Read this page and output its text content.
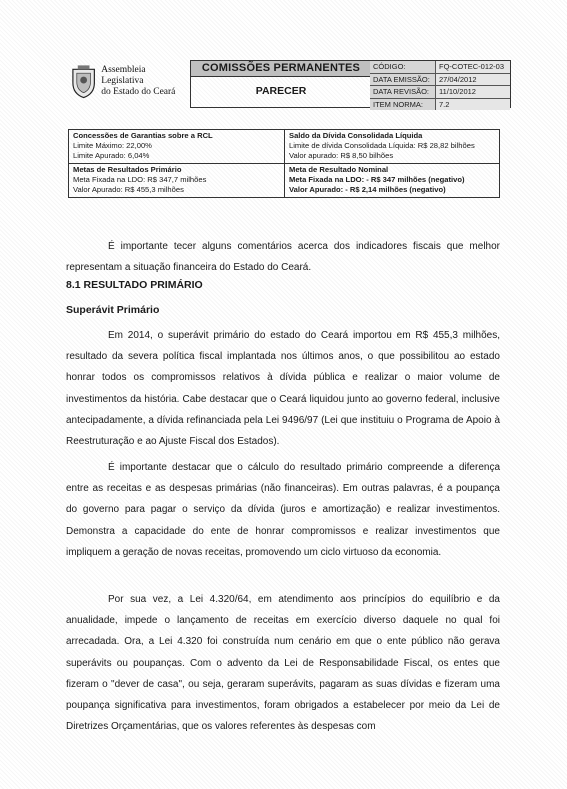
Assembleia Legislativa
do Estado do Ceará
COMISSÕES PERMANENTES
PARECER
CÓDIGO:	FQ-COTEC-012-03
DATA EMISSÃO:	27/04/2012
DATA REVISÃO:	11/10/2012
ITEM NORMA:	7.2
Concessões de Garantias sobre a RCL
Limite Máximo: 22,00%
Limite Apurado: 6,04%
Saldo da Dívida Consolidada Líquida
Limite de dívida Consolidada Líquida: R$ 28,82 bilhões
Valor apurado: R$ 8,50 bilhões
Metas de Resultados Primário
Meta Fixada na LDO: R$ 347,7 milhões
Valor Apurado: R$ 455,3 milhões
Meta de Resultado Nominal
Meta Fixada na LDO: - R$ 347 milhões (negativo)
Valor Apurado: - R$ 2,14 milhões (negativo)
É importante tecer alguns comentários acerca dos indicadores fiscais que melhor representam a situação financeira do Estado do Ceará.
8.1 RESULTADO PRIMÁRIO
Superávit Primário
Em 2014, o superávit primário do estado do Ceará importou em R$ 455,3 milhões, resultado da severa política fiscal implantada nos últimos anos, o que possibilitou ao estado honrar todos os compromissos relativos à dívida pública e realizar o maior volume de investimentos da história. Cabe destacar que o Ceará liquidou junto ao governo federal, inclusive antecipadamente, a dívida refinanciada pela Lei 9496/97 (Lei que instituiu o Programa de Apoio à Reestruturação e ao Ajuste Fiscal dos Estados).
É importante destacar que o cálculo do resultado primário compreende a diferença entre as receitas e as despesas primárias (não financeiras). Em outras palavras, é a poupança do governo para pagar o serviço da dívida (juros e amortização) e realizar investimentos. Demonstra a capacidade do ente de honrar compromissos e realizar investimentos que impliquem a geração de novas receitas, promovendo um ciclo virtuoso da economia.
Por sua vez, a Lei 4.320/64, em atendimento aos princípios do equilíbrio e da anualidade, impede o lançamento de receitas em exercício diverso daquele no qual foi arrecadada. Ora, a Lei 4.320 foi construída num cenário em que o ente público não gerava superávits ou poupanças. Com o advento da Lei de Responsabilidade Fiscal, os entes que fizeram o "dever de casa", ou seja, geraram superávits, pagaram as suas dívidas e fizeram uma poupança significativa para investimentos, foram obrigados a estabelecer por meio da Lei de Diretrizes Orçamentárias, que os valores referentes às despesas com
